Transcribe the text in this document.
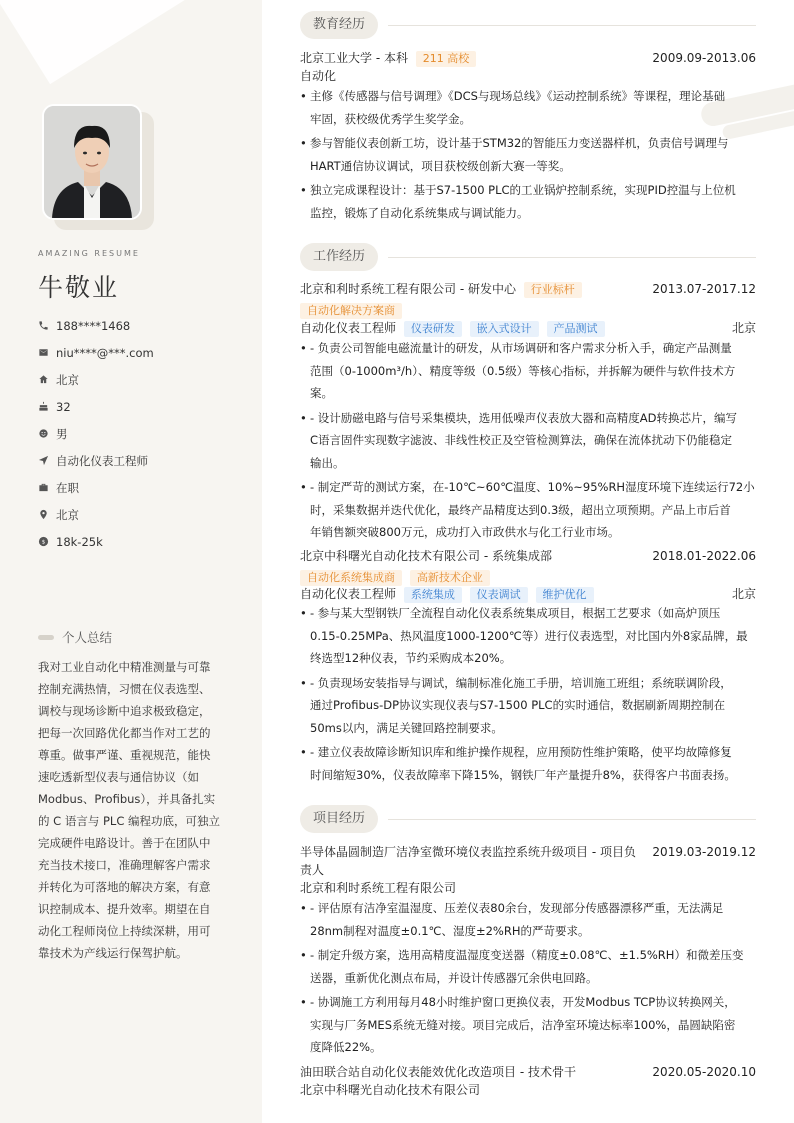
AMAZING RESUME
牛敬业
188****1468
niu****@***.com
北京
32
男
自动化仪表工程师
在职
北京
$ 18k-25k
个人总结
我对工业自动化中精准测量与可靠
控制充满热情，习惯在仪表选型、
调校与现场诊断中追求极致稳定，
把每一次回路优化都当作对工艺的
尊重。做事严谨、重视规范，能快
速吃透新型仪表与通信协议（如
Modbus、Profibus），并具备扎实
的 C 语言与 PLC 编程功底，可独立
完成硬件电路设计。善于在团队中
充当技术接口，准确理解客户需求
并转化为可落地的解决方案，有意
识控制成本、提升效率。期望在自
动化工程师岗位上持续深耕，用可
靠技术为产线运行保驾护航。
教育经历
北京工业大学 - 本科 211 高校	2009.09-2013.06
自动化
• 主修《传感器与信号调理》《DCS与现场总线》《运动控制系统》等课程，理论基础
牢固，获校级优秀学生奖学金。
• 参与智能仪表创新工坊，设计基于STM32的智能压力变送器样机，负责信号调理与
HART通信协议调试，项目获校级创新大赛一等奖。
• 独立完成课程设计：基于S7-1500 PLC的工业锅炉控制系统，实现PID控温与上位机
监控，锻炼了自动化系统集成与调试能力。
工作经历
北京和利时系统工程有限公司 - 研发中心 行业标杆	2013.07-2017.12
自动化解决方案商
自动化仪表工程师 仪表研发 嵌入式设计 产品测试	北京
• - 负责公司智能电磁流量计的研发，从市场调研和客户需求分析入手，确定产品测量
范围（0-1000m³/h）、精度等级（0.5级）等核心指标，并拆解为硬件与软件技术方
案。
• - 设计励磁电路与信号采集模块，选用低噪声仪表放大器和高精度AD转换芯片，编写
C语言固件实现数字滤波、非线性校正及空管检测算法，确保在流体扰动下仍能稳定
输出。
• - 制定严苛的测试方案，在-10℃~60℃温度、10%~95%RH湿度环境下连续运行72小
时，采集数据并迭代优化，最终产品精度达到0.3级，超出立项预期。产品上市后首
年销售额突破800万元，成功打入市政供水与化工行业市场。
北京中科曙光自动化技术有限公司 - 系统集成部	2018.01-2022.06
自动化系统集成商 高新技术企业
自动化仪表工程师 系统集成 仪表调试 维护优化	北京
• - 参与某大型钢铁厂全流程自动化仪表系统集成项目，根据工艺要求（如高炉顶压
0.15-0.25MPa、热风温度1000-1200℃等）进行仪表选型，对比国内外8家品牌，最
终选型12种仪表，节约采购成本20%。
• - 负责现场安装指导与调试，编制标准化施工手册，培训施工班组；系统联调阶段，
通过Profibus-DP协议实现仪表与S7-1500 PLC的实时通信，数据刷新周期控制在
50ms以内，满足关键回路控制要求。
• - 建立仪表故障诊断知识库和维护操作规程，应用预防性维护策略，使平均故障修复
时间缩短30%，仪表故障率下降15%，钢铁厂年产量提升8%，获得客户书面表扬。
项目经历
半导体晶圆制造厂洁净室微环境仪表监控系统升级项目 - 项目负
责人
2019.03-2019.12
北京和利时系统工程有限公司
• - 评估原有洁净室温湿度、压差仪表80余台，发现部分传感器漂移严重，无法满足
28nm制程对温度±0.1℃、湿度±2%RH的严苛要求。
• - 制定升级方案，选用高精度温湿度变送器（精度±0.08℃、±1.5%RH）和微差压变
送器，重新优化测点布局，并设计传感器冗余供电回路。
• - 协调施工方利用每月48小时维护窗口更换仪表，开发Modbus TCP协议转换网关，
实现与厂务MES系统无缝对接。项目完成后，洁净室环境达标率100%，晶圆缺陷密
度降低22%。
油田联合站自动化仪表能效优化改造项目 - 技术骨干	2020.05-2020.10
北京中科曙光自动化技术有限公司
